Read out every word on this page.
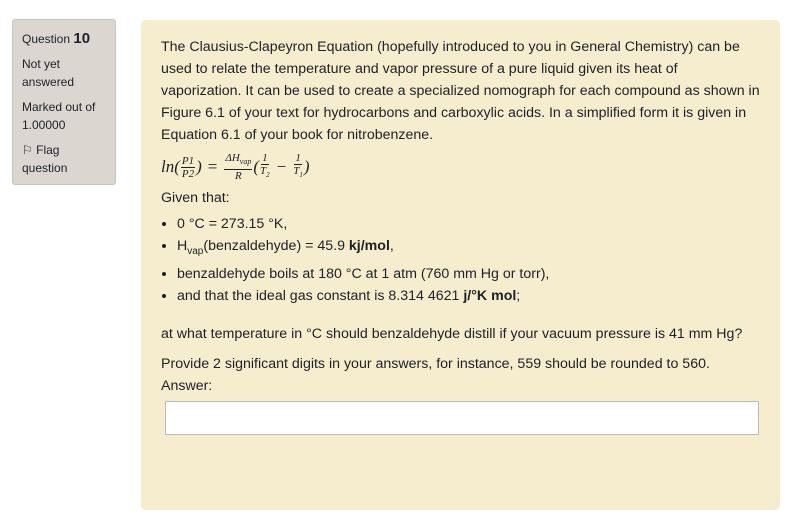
Question 10

Not yet answered

Marked out of
1.00000

⚐ Flag question

The Clausius-Clapeyron Equation (hopefully introduced to you in General Chemistry) can be used to relate the temperature and vapor pressure of a pure liquid given its heat of vaporization. It can be used to create a specialized nomograph for each compound as shown in Figure 6.1 of your text for hydrocarbons and carboxylic acids. In a simplified form it is given in Equation 6.1 of your book for nitrobenzene.

$\ln( \frac{P1}{P2}$ ) = $\frac{\Delta H_{vap}}{R}$ ( $\frac{1}{T_2} - \frac{1}{T_1}$ )

Given that:

• 0 °C = 273.15 °K,
• $H_{vap}(benzaldehyde) = 45.9$ kj/mol,
• benzaldehyde boils at 180 °C at 1 atm (760 mm Hg or torr),
• and that the ideal gas constant is 8.314 4621 j/°K mol;

at what temperature in °C should benzaldehyde distill if your vacuum pressure is 41 mm Hg?

Provide 2 significant digits in your answers, for instance, 559 should be rounded to 560.

Answer:
